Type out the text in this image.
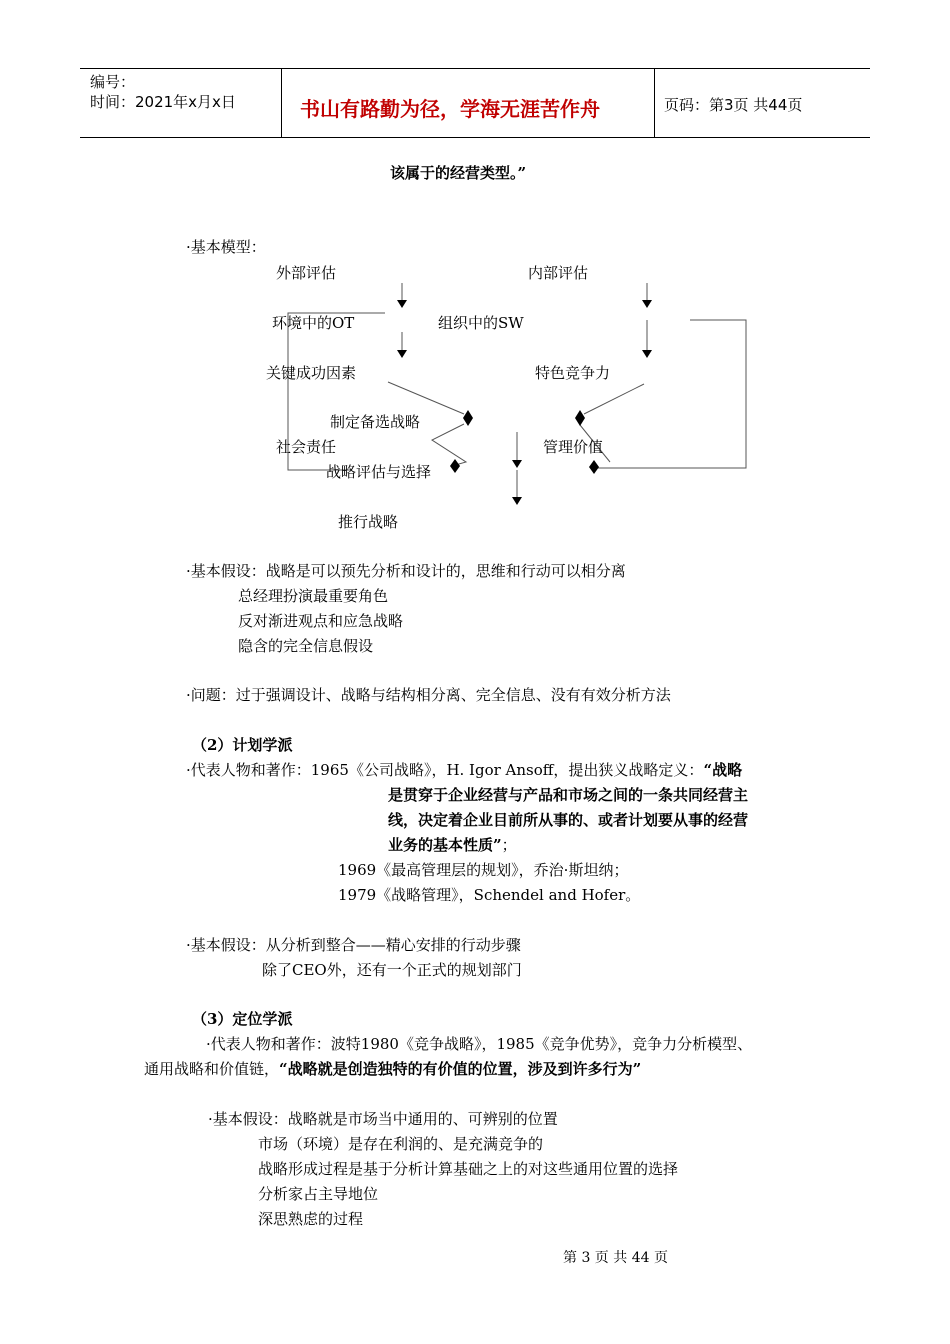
编号：
时间：2021年x月x日	书山有路勤为径，学海无涯苦作舟	页码：第3页 共44页
该属于的经营类型。”
·基本模型：
外部评估	内部评估
环境中的OT	组织中的SW
关键成功因素	特色竞争力
制定备选战略
社会责任	管理价值
战略评估与选择
推行战略
·基本假设：战略是可以预先分析和设计的，思维和行动可以相分离
总经理扮演最重要角色
反对渐进观点和应急战略
隐含的完全信息假设
·问题：过于强调设计、战略与结构相分离、完全信息、没有有效分析方法
（2）计划学派
·代表人物和著作：1965《公司战略》，H. Igor Ansoff，提出狭义战略定义：“战略
是贯穿于企业经营与产品和市场之间的一条共同经营主
线，决定着企业目前所从事的、或者计划要从事的经营
业务的基本性质”；
1969《最高管理层的规划》，乔治·斯坦纳；
1979《战略管理》，Schendel and Hofer。
·基本假设：从分析到整合——精心安排的行动步骤
除了CEO外，还有一个正式的规划部门
（3）定位学派
·代表人物和著作：波特1980《竞争战略》，1985《竞争优势》，竞争力分析模型、
通用战略和价值链，“战略就是创造独特的有价值的位置，涉及到许多行为”
·基本假设：战略就是市场当中通用的、可辨别的位置
市场（环境）是存在利润的、是充满竞争的
战略形成过程是基于分析计算基础之上的对这些通用位置的选择
分析家占主导地位
深思熟虑的过程
第 3 页 共 44 页
